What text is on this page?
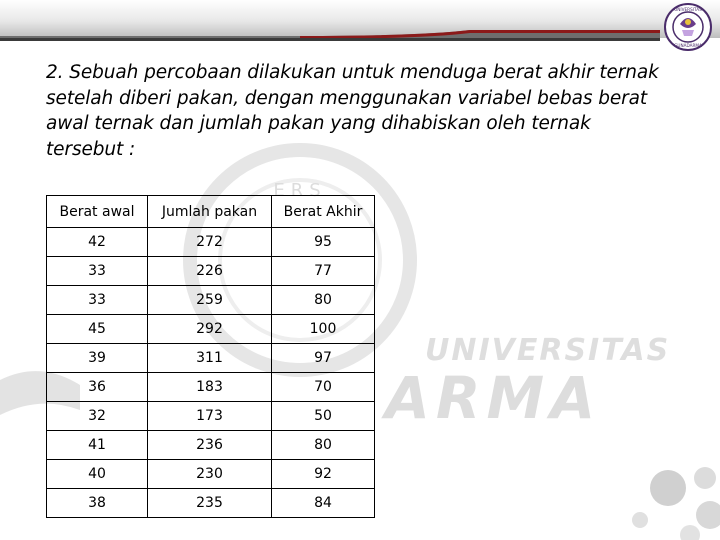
ERS
UNIVERSITAS
ARMA
UNIVERSITAS
GUNADARMA

2. Sebuah percobaan dilakukan untuk menduga berat akhir ternak setelah diberi pakan, dengan menggunakan variabel bebas berat awal ternak dan jumlah pakan yang dihabiskan oleh ternak tersebut :

Berat awal	Jumlah pakan	Berat Akhir
42	272	95
33	226	77
33	259	80
45	292	100
39	311	97
36	183	70
32	173	50
41	236	80
40	230	92
38	235	84
